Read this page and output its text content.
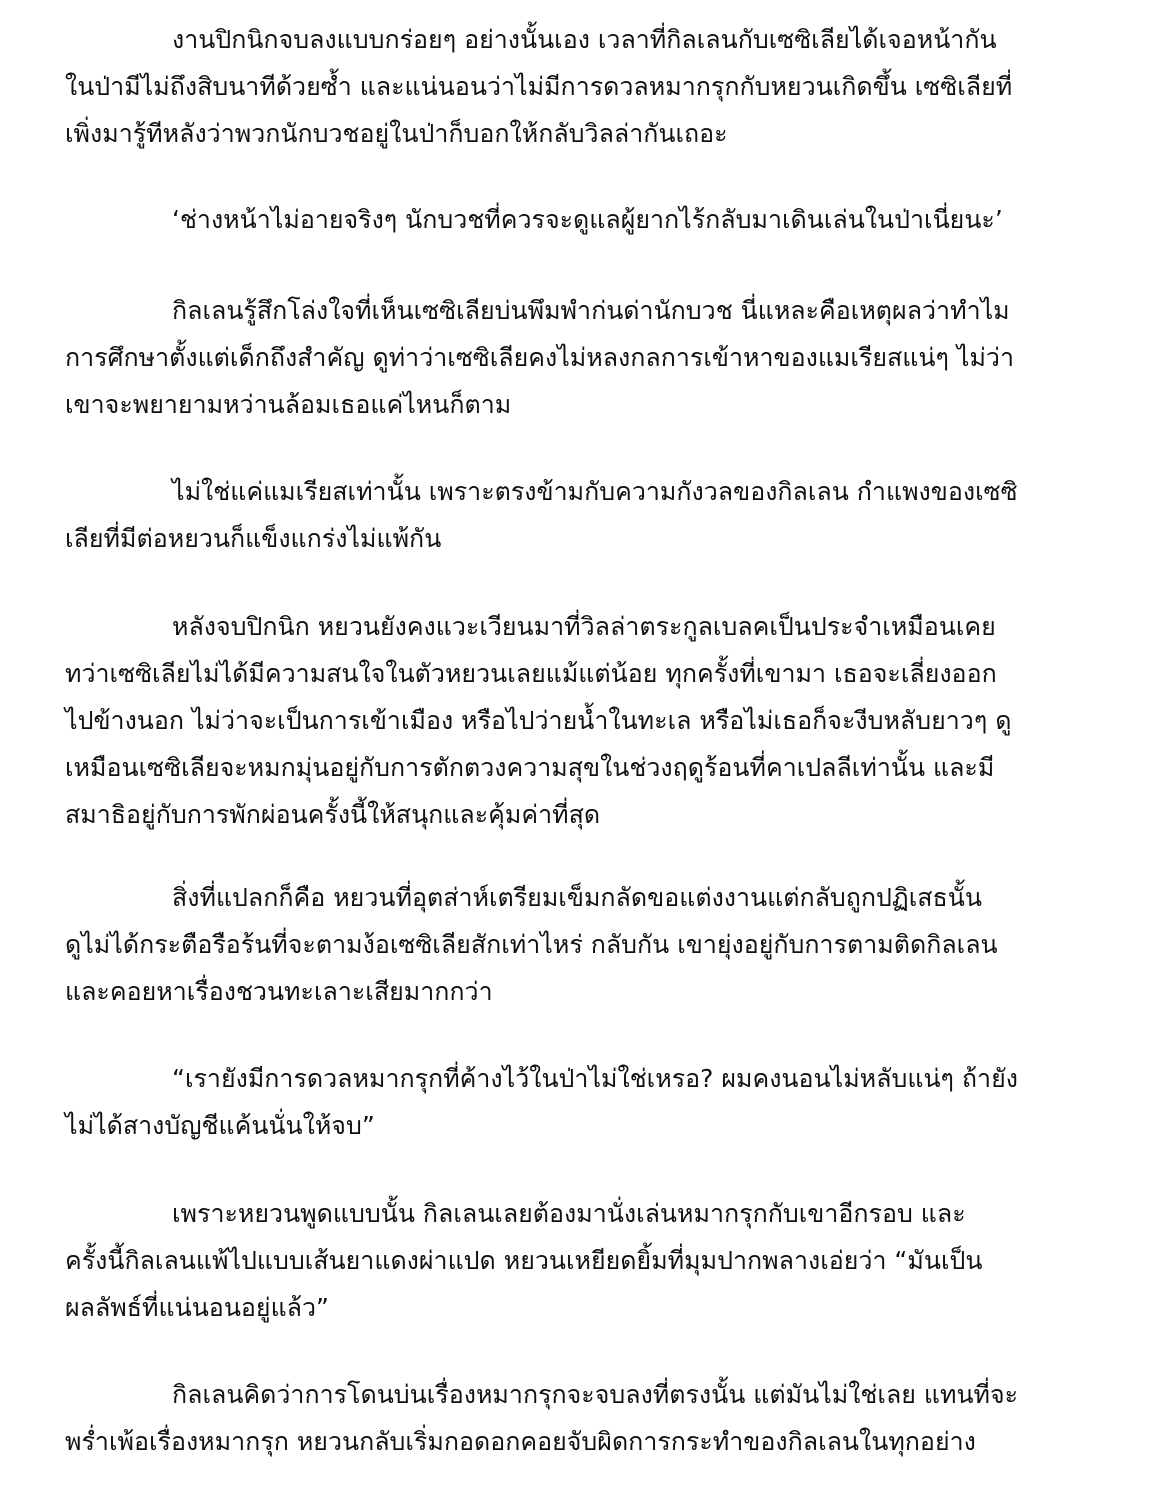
งานปิกนิกจบลงแบบกร่อยๆ อย่างนั้นเอง เวลาที่กิลเลนกับเซซิเลียได้เจอหน้ากัน
ในป่ามีไม่ถึงสิบนาทีด้วยซ้ำ และแน่นอนว่าไม่มีการดวลหมากรุกกับหยวนเกิดขึ้น เซซิเลียที่
เพิ่งมารู้ทีหลังว่าพวกนักบวชอยู่ในป่าก็บอกให้กลับวิลล่ากันเถอะ
‘ช่างหน้าไม่อายจริงๆ นักบวชที่ควรจะดูแลผู้ยากไร้กลับมาเดินเล่นในป่าเนี่ยนะ’
กิลเลนรู้สึกโล่งใจที่เห็นเซซิเลียบ่นพึมพำก่นด่านักบวช นี่แหละคือเหตุผลว่าทำไม
การศึกษาตั้งแต่เด็กถึงสำคัญ ดูท่าว่าเซซิเลียคงไม่หลงกลการเข้าหาของแมเรียสแน่ๆ ไม่ว่า
เขาจะพยายามหว่านล้อมเธอแค่ไหนก็ตาม
ไม่ใช่แค่แมเรียสเท่านั้น เพราะตรงข้ามกับความกังวลของกิลเลน กำแพงของเซซิ
เลียที่มีต่อหยวนก็แข็งแกร่งไม่แพ้กัน
หลังจบปิกนิก หยวนยังคงแวะเวียนมาที่วิลล่าตระกูลเบลคเป็นประจำเหมือนเคย
ทว่าเซซิเลียไม่ได้มีความสนใจในตัวหยวนเลยแม้แต่น้อย ทุกครั้งที่เขามา เธอจะเลี่ยงออก
ไปข้างนอก ไม่ว่าจะเป็นการเข้าเมือง หรือไปว่ายน้ำในทะเล หรือไม่เธอก็จะงีบหลับยาวๆ ดู
เหมือนเซซิเลียจะหมกมุ่นอยู่กับการตักตวงความสุขในช่วงฤดูร้อนที่คาเปลลีเท่านั้น และมี
สมาธิอยู่กับการพักผ่อนครั้งนี้ให้สนุกและคุ้มค่าที่สุด
สิ่งที่แปลกก็คือ หยวนที่อุตส่าห์เตรียมเข็มกลัดขอแต่งงานแต่กลับถูกปฏิเสธนั้น
ดูไม่ได้กระตือรือร้นที่จะตามง้อเซซิเลียสักเท่าไหร่ กลับกัน เขายุ่งอยู่กับการตามติดกิลเลน
และคอยหาเรื่องชวนทะเลาะเสียมากกว่า
“เรายังมีการดวลหมากรุกที่ค้างไว้ในป่าไม่ใช่เหรอ? ผมคงนอนไม่หลับแน่ๆ ถ้ายัง
ไม่ได้สางบัญชีแค้นนั่นให้จบ”
เพราะหยวนพูดแบบนั้น กิลเลนเลยต้องมานั่งเล่นหมากรุกกับเขาอีกรอบ และ
ครั้งนี้กิลเลนแพ้ไปแบบเส้นยาแดงผ่าแปด หยวนเหยียดยิ้มที่มุมปากพลางเอ่ยว่า “มันเป็น
ผลลัพธ์ที่แน่นอนอยู่แล้ว”
กิลเลนคิดว่าการโดนบ่นเรื่องหมากรุกจะจบลงที่ตรงนั้น แต่มันไม่ใช่เลย แทนที่จะ
พร่ำเพ้อเรื่องหมากรุก หยวนกลับเริ่มกอดอกคอยจับผิดการกระทำของกิลเลนในทุกอย่าง
